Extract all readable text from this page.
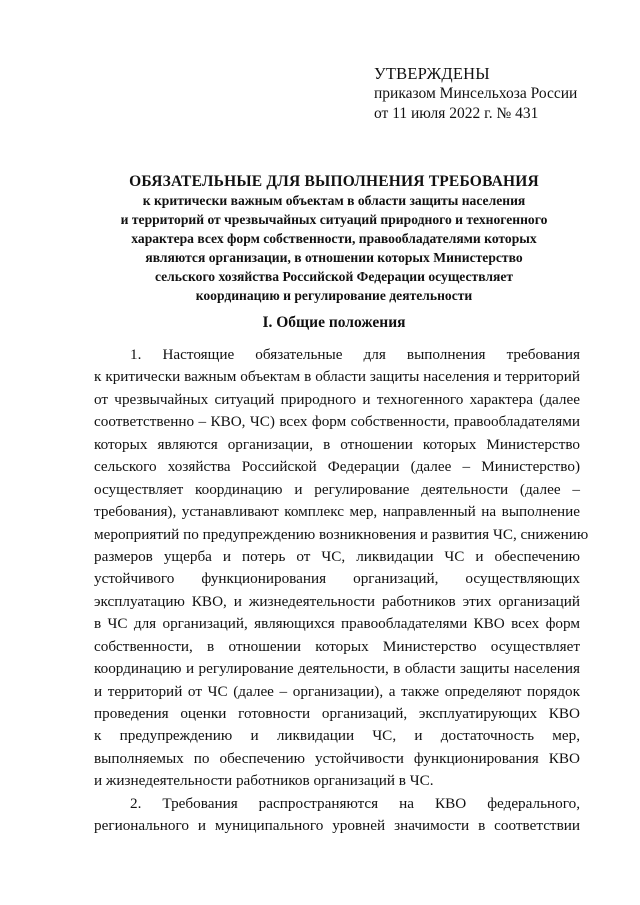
УТВЕРЖДЕНЫ
приказом Минсельхоза России
от 11 июля 2022 г. № 431
ОБЯЗАТЕЛЬНЫЕ ДЛЯ ВЫПОЛНЕНИЯ ТРЕБОВАНИЯ
к критически важным объектам в области защиты населения
и территорий от чрезвычайных ситуаций природного и техногенного
характера всех форм собственности, правообладателями которых
являются организации, в отношении которых Министерство
сельского хозяйства Российской Федерации осуществляет
координацию и регулирование деятельности
I. Общие положения
1. Настоящие обязательные для выполнения требования
к критически важным объектам в области защиты населения и территорий
от чрезвычайных ситуаций природного и техногенного характера (далее
соответственно – КВО, ЧС) всех форм собственности, правообладателями
которых являются организации, в отношении которых Министерство
сельского хозяйства Российской Федерации (далее – Министерство)
осуществляет координацию и регулирование деятельности (далее –
требования), устанавливают комплекс мер, направленный на выполнение
мероприятий по предупреждению возникновения и развития ЧС, снижению
размеров ущерба и потерь от ЧС, ликвидации ЧС и обеспечению
устойчивого функционирования организаций, осуществляющих
эксплуатацию КВО, и жизнедеятельности работников этих организаций
в ЧС для организаций, являющихся правообладателями КВО всех форм
собственности, в отношении которых Министерство осуществляет
координацию и регулирование деятельности, в области защиты населения
и территорий от ЧС (далее – организации), а также определяют порядок
проведения оценки готовности организаций, эксплуатирующих КВО
к предупреждению и ликвидации ЧС, и достаточность мер,
выполняемых по обеспечению устойчивости функционирования КВО
и жизнедеятельности работников организаций в ЧС.
2. Требования распространяются на КВО федерального,
регионального и муниципального уровней значимости в соответствии
